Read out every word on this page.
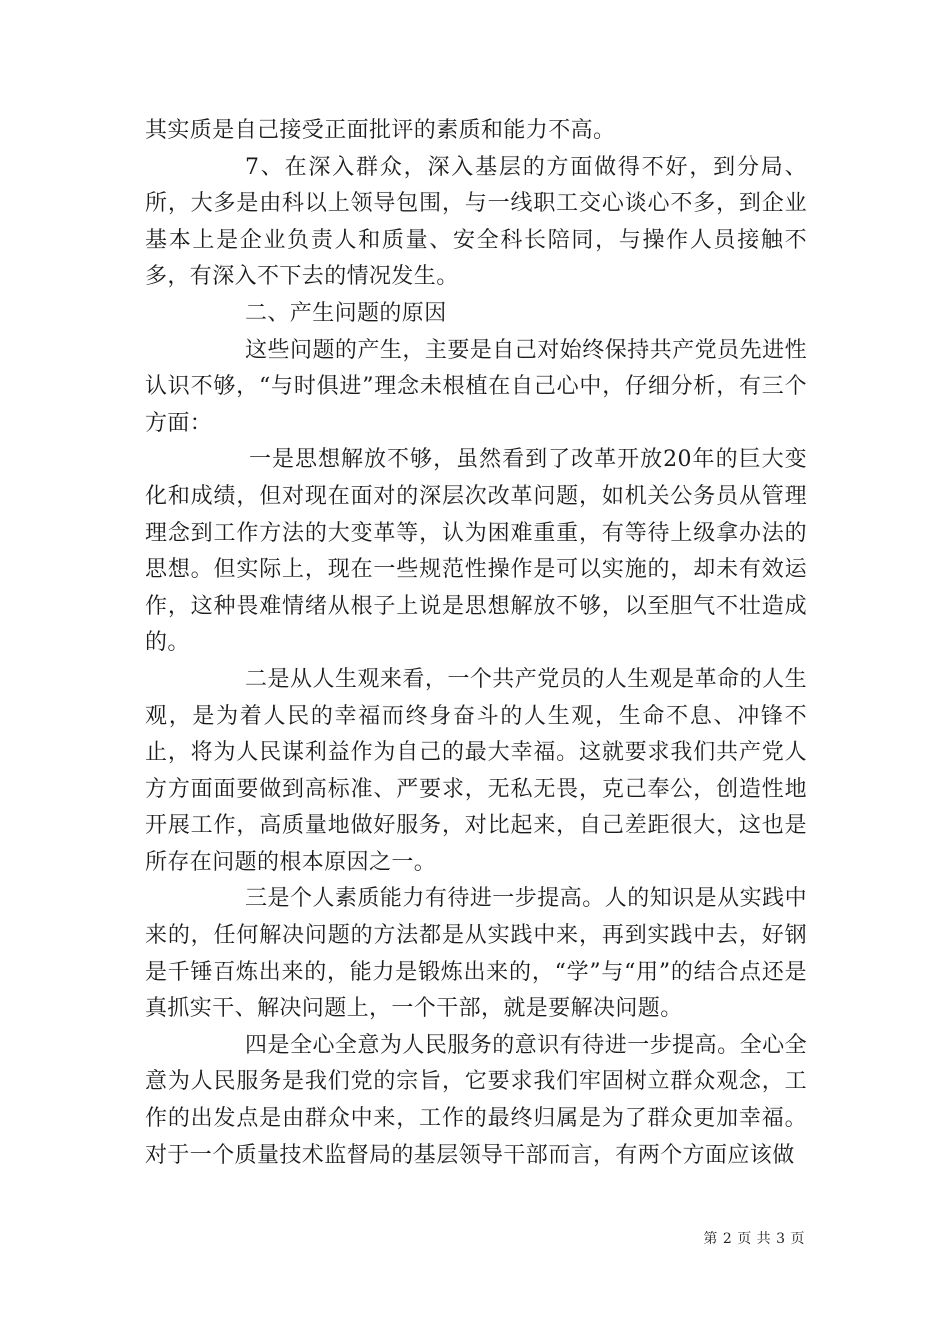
其实质是自己接受正面批评的素质和能力不高。

7、在深入群众，深入基层的方面做得不好，到分局、所，大多是由科以上领导包围，与一线职工交心谈心不多，到企业基本上是企业负责人和质量、安全科长陪同，与操作人员接触不多，有深入不下去的情况发生。

二、产生问题的原因

这些问题的产生，主要是自己对始终保持共产党员先进性认识不够，“与时俱进”理念未根植在自己心中，仔细分析，有三个方面：

一是思想解放不够，虽然看到了改革开放20年的巨大变化和成绩，但对现在面对的深层次改革问题，如机关公务员从管理理念到工作方法的大变革等，认为困难重重，有等待上级拿办法的思想。但实际上，现在一些规范性操作是可以实施的，却未有效运作，这种畏难情绪从根子上说是思想解放不够，以至胆气不壮造成的。

二是从人生观来看，一个共产党员的人生观是革命的人生观，是为着人民的幸福而终身奋斗的人生观，生命不息、冲锋不止，将为人民谋利益作为自己的最大幸福。这就要求我们共产党人方方面面要做到高标准、严要求，无私无畏，克己奉公，创造性地开展工作，高质量地做好服务，对比起来，自己差距很大，这也是所存在问题的根本原因之一。

三是个人素质能力有待进一步提高。人的知识是从实践中来的，任何解决问题的方法都是从实践中来，再到实践中去，好钢是千锤百炼出来的，能力是锻炼出来的，“学”与“用”的结合点还是真抓实干、解决问题上，一个干部，就是要解决问题。

四是全心全意为人民服务的意识有待进一步提高。全心全意为人民服务是我们党的宗旨，它要求我们牢固树立群众观念，工作的出发点是由群众中来，工作的最终归属是为了群众更加幸福。对于一个质量技术监督局的基层领导干部而言，有两个方面应该做

第 2 页 共 3 页
